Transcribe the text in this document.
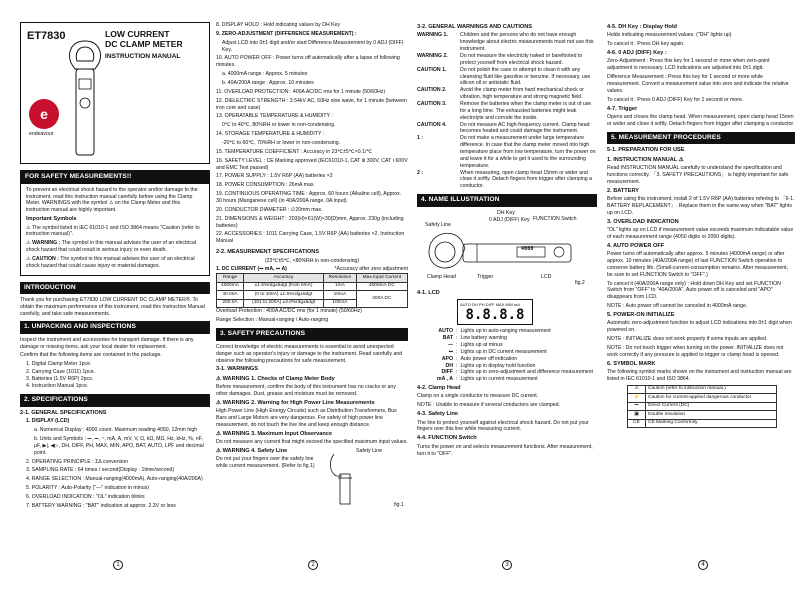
ET7830	LOW CURRENT
DC CLAMP METER
INSTRUCTION MANUAL
e
endeavour
FOR SAFETY MEASUREMENTS!!

To prevent an electrical shock hazard to the operator and/or damage to the instrument, read this instruction manual carefully before using the Clamp Meter. WARNINGS with the symbol ⚠ on the Clamp Meter and this instruction manual are highly important.

Important Symbols

⚠ The symbol listed in IEC 61010-1 and ISO 3864 means "Caution (refer to instruction manual)".

⚠ WARNING : The symbol in this manual advises the user of an electrical shock hazard that could result in serious injury or even death.

⚠ CAUTION : The symbol in this manual advises the user of an electrical shock hazard that could cause injury or material damages.

INTRODUCTION

Thank you for purchasing ET7830 LOW CURRENT DC CLAMP METER®. To obtain the maximum performance of this instrument, read this Instruction Manual carefully, and take safe measurements.

1. UNPACKING AND INSPECTIONS

Inspect the instrument and accessories for transport damage. If there is any damage or missing items, ask your local dealer for replacement.

Confirm that the following items are contained in the package.

1. Digital Clamp Meter 1pce.
2. Carrying Case (1011) 1pce.
3. Batteries (1.5V R6P) 2pcs.
4. Instruction Manual 1pce.
2. SPECIFICATIONS
2-1. GENERAL SPECIFICATIONS

1. DISPLAY (LCD)

a. Numerical Display : 4000 count. Maximum reading 4050, 12mm high

b. Units and Symbols : ⎓, ⎓, ~, mA, A, mV, V, Ω, kΩ, MΩ, Hz, kHz, %, nF, μF, ▶|, ◀▷, DH, DIFF, PH, MAX, MIN, APO, BAT, AUTO, LPF and decimal point.

2. OPERATING PRINCIPLE : ΣΔ conversion

3. SAMPLING RATE : 64 times / second(Display : 1time/second)

4. RANGE SELECTION : Manual-ranging(4000mA), Auto-ranging(40A/200A)

5. POLARITY : Auto-Polarity ("—" indication in minus)

6. OVERLOAD INDICATION : "OL" indication blinks

7. BATTERY WARNING : "BAT" indication at approx. 2.3V or less

8. DISPLAY HOLD : Hold indicating values by DH Key

9. ZERO-ADJUSTMENT (DIFFERENCE MEASUREMENT) :

Adjust LCD into 0±1 digit and/or start Difference Measurement by 0 ADJ (DIFF) Key.

10. AUTO POWER OFF : Power turns off automatically after a lapse of following minutes.

a. 4000mA range : Approx. 5 minutes

b. 40A/200A range : Approx. 10 minutes

11. OVERLOAD PROTECTION : 400A AC/DC rms for 1 minute (50/60Hz)

12. DIELECTRIC STRENGTH : 3.54kV AC, 50Hz sine wave, for 1 minute (between iron core and case)

13. OPERATABLE TEMPERATURE & HUMIDITY :

0℃ to 40℃, 80%RH or lower in non-condensing.

14. STORAGE TEMPERATURE & HUMIDITY :

-20℃ to 60℃, 70%RH or lower in non-condensing.

15. TEMPERATURE COEFFICIENT : Accuracy in 23℃±5℃×0.1/℃

16. SAFETY LEVEL : CE Marking approved (IEC61010-1, CAT Ⅲ 300V, CAT Ⅰ 600V and EMC Test passed)

17. POWER SUPPLY : 1.5V R6P (AA) batteries ×2

18. POWER CONSUMPTION : 26mA max.

19. CONTINUOUS OPERATING TIME : Approx. 60 hours (Alkaline cell), Approx. 30 hours (Manganese cell) (in 40A/200A range, 0A input)

20. CONDUCTOR DIAMETER : ∅20mm max.

21. DIMENSIONS & WEIGHT : 203(H)×61(W)×30(D)mm, Approx. 230g (including batteries)

22. ACCESSORIES : 1011 Carrying Case, 1.5V R6P (AA) batteries ×2, Instruction Manual

2-2. MEASUREMENT SPECIFICATIONS

(23℃±5℃, <80%RH in non-condensing)

1. DC CURRENT (⎓ mA, ⎓ A)	*Accuracy after zero adjustment
Range	Accuracy	Resolution	Max.Input Current
4000mA	±1.5%rdg±5dgt (from 5mA)	1mA	4000mA DC
40.00A	(0 to 100A) ±1.5%rdg±5dgt	10mA	200A DC
200.0A	(101 to 200A) ±3.0%rdg±5dgt	100mA	

Overload Protection : 400A AC/DC rms (for 1 minute) (50/60Hz)

Range Selection : Manual-ranging / Auto-ranging

3. SAFETY PRECAUTIONS

Correct knowledge of electric measurements is essential to avoid unexpected danger such as operator's injury or damage to the instrument. Read carefully and observe the following precautions for safe measurement.

3-1. WARNINGS
⚠ WARNING 1. Checks of Clamp Meter Body

Before measurement, confirm the body of this instrument has no cracks or any other damages. Dust, grease and moisture must be removed.

⚠ WARNING 2. Warning for High Power Line Measurements

High Power Line (High Energy Circuits) such as Distribution Transformers, Bus Bars and Large Motors are very dangerous. For safety of high power line measurement, do not touch the live line and keep enough distance.

⚠ WARNING 3. Maximum Input Observance

Do not measure any current that might exceed the specified maximum input values.

⚠ WARNING 4. Safety Line

Do not put your fingers over the safety line while current measurement. (Refer to fig.1)

Safety Line
fig.1
3-2. GENERAL WARNINGS AND CAUTIONS
WARNING 1.	Children and the persons who do not have enough knowledge about electric measurements must not use this instrument.
WARNING 2.	Do not measure the electricity naked or barefooted to protect yourself from electrical shock hazard.
CAUTION 1.	Do not polish the case or attempt to clean it with any cleansing fluid like gasoline or benzine. If necessary, use silicon oil or antistatic fluid.
CAUTION 2.	Avoid the clamp meter from hard mechanical shock or vibration, high temperature and strong magnetic field.
CAUTION 3.	Remove the batteries when the clamp meter is out of use for a long time. The exhausted batteries might leak electrolyte and corrode the inside.
CAUTION 4.	Do not measure AC high-frequency current. Clamp head becomes heated and could damage the instrument.
1 :	Do not make a measurement under large temperature difference. In case that the clamp meter moved into high temperature place from low temperature, turn the power on and leave it for a while to get it used to the surrounding temperature.
2 :	When measuring, open clamp head 15mm or wider and close it softly. Detach fingers from trigger after clamping a conductor.
4. NAME ILLUSTRATION
DH Key
0 ADJ (DIFF) Key FUNCTION Switch
Safety Line
4000
Clamp Head	Trigger	LCD
fig.2
4-1. LCD
AUTO DH PH DIFF MAX MIN mA
8.8.8.8
AUTO : Lights up in auto-ranging measurement
BAT : Low battery warning
— : Lights up at minus
⎓ : Lights up in DC current measurement
APO : Auto power off indication
DH : Lights up in display hold function
DIFF : Lights up in zero-adjustment and difference measurement
mA , A : Lights up in current measurement
4-2. Clamp Head

Clamp on a single conductor to measure DC current.

NOTE : Unable to measure if several conductors are clamped.

4-3. Safety Line

The line to protect yourself against electrical shock hazard. Do not put your fingers over this line while measuring current.

4-4. FUNCTION Switch

Turns the power on and selects measurement functions. After measurement, turn it to "OFF".

4-5. DH Key : Display Hold

Holds indicating measurement values. ("DH" lights up)

To cancel it : Press DH key again.

4-6. 0 ADJ (DIFF) Key :

Zero-Adjustment : Press this key for 1 second or more when zero-point adjustment is necessary. LCD indications are adjusted into 0±1 digit.

Difference Measurement : Press this key for 1 second or more while measurement. Convert a measurement value into zero and indicate the relative values.

To cancel it : Press 0 ADJ (DIFF) Key for 1 second or more.

4-7. Trigger

Opens and closes the clamp head. When measurement, open clamp head 15mm or wider and close it softly. Detach fingers from trigger after clamping a conductor.

5. MEASUREMENT PROCEDURES
5-1. PREPARATION FOR USE
1. INSTRUCTION MANUAL ⚠

Read INSTRUCTION MANUAL carefully to understand the specification and functions correctly. 「3. SAFETY PRECAUTIONS」 is highly important for safe measurement.

2. BATTERY

Before using this instrument, install 2 of 1.5V R6P (AA) batteries refering to 「6-1. BATTERY REPLACEMENT」. Replace them in the same way when "BAT" lights up on LCD.

3. OVERLOAD INDICATION

"OL" lights up on LCD if measurement value exceeds maximum indicatable value of each measurement range (4050 digits or 2050 digits).

4. AUTO POWER OFF

Power turns off automatically after approx. 5 minutes (4000mA range) or after approx. 10 minutes (40A/200A range) of last FUNCTION Switch operation to conserve battery life. (Small-current-consumption remains. After measurement, be sure to set FUNCTION Switch to "OFF".)

To cancel it (40A/200A range only) : Hold down DH Key and set FUNCTION Switch from "OFF" to "40A/200A". Auto power off is canceled and "APO" disappears from LCD.

NOTE : Auto power off cannot be canceled in 4000mA range.

5. POWER-ON INITIALIZE

Automatic zero-adjustment function to adjust LCD indications into 0±1 digit when powered on.

NOTE : INITIALIZE does not work properly if some inputs are applied.

NOTE : Do not touch trigger when turning on the power. INITIALIZE does not work correctly if any pressure is applied to trigger or clamp head is opened.

6. SYMBOL MARK

The following symbol marks shown on the instrument and instruction manual are listed in IEC 61010-1 and ISO 3864.

⚠	Caution (refer to instruction manual.)
⚡	Caution for current-applied dangerous conductor
⎓	Direct Current (DC)
▣	Double Insulation
CE	CE Marking Conformity
1	2	3	4
